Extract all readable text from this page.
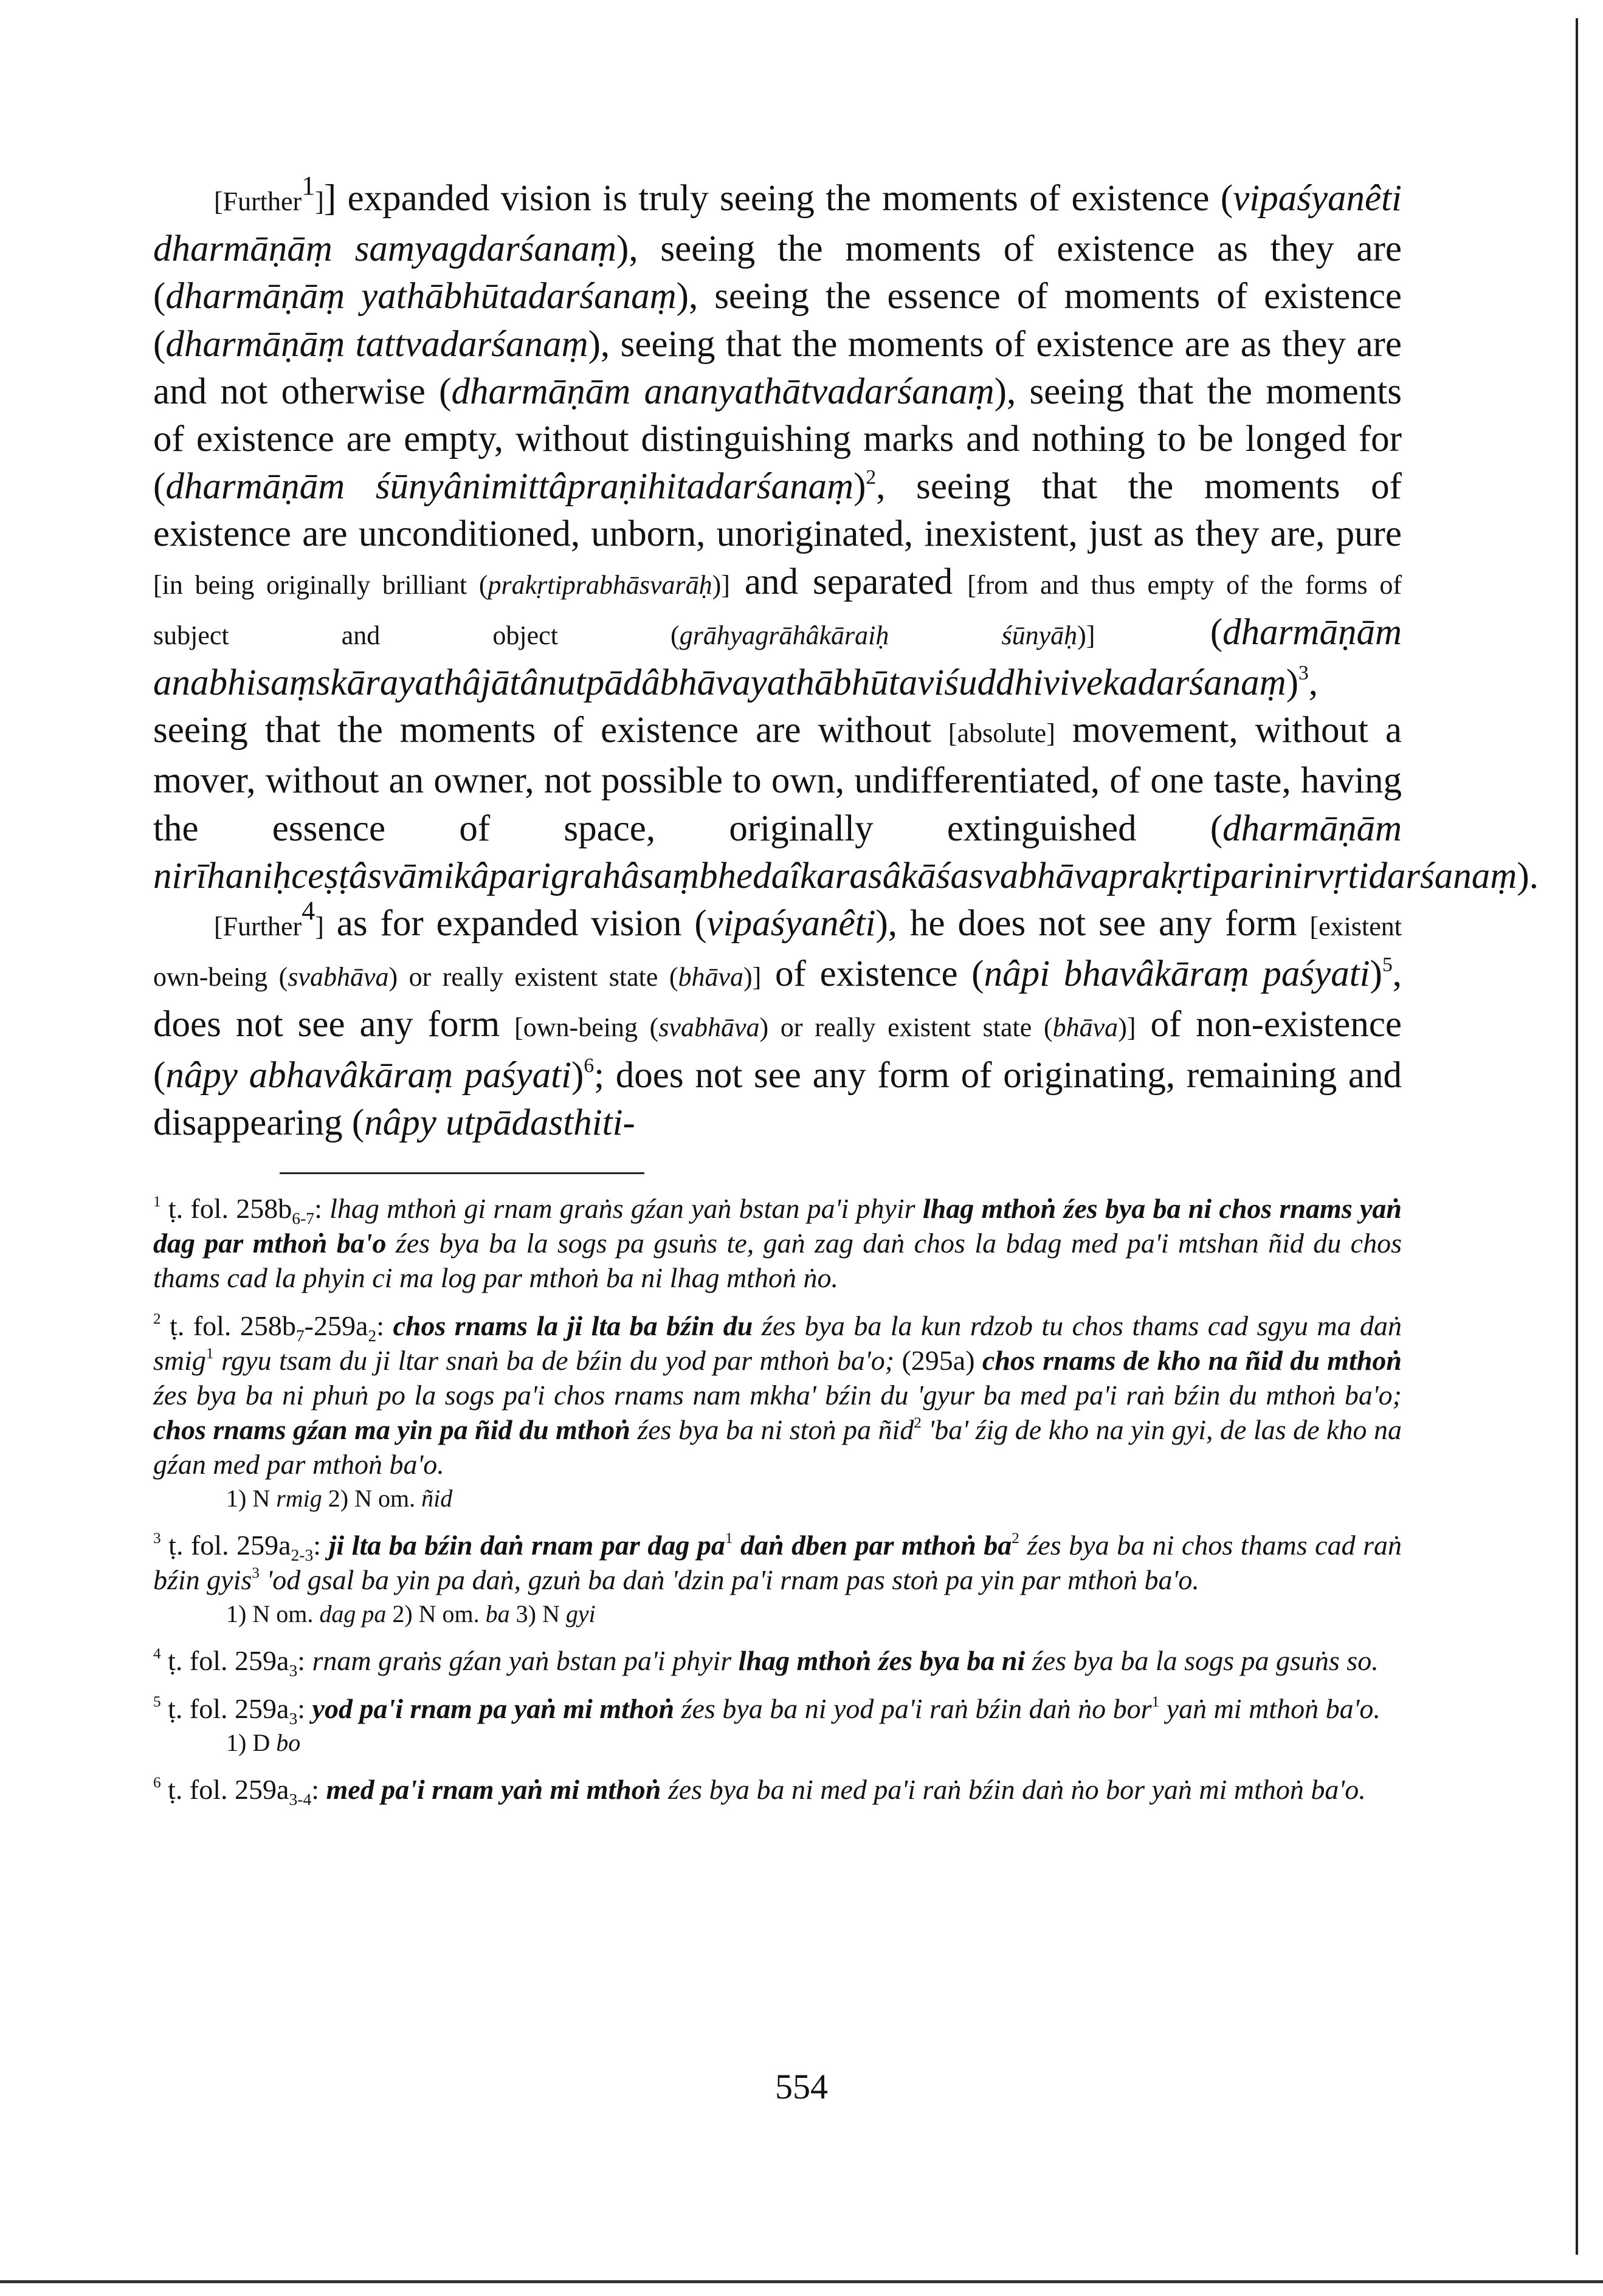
[Further$^1$]] expanded vision is truly seeing the moments of existence (vipaśyanêti dharmāṇāṃ samyagdarśanaṃ), seeing the moments of existence as they are (dharmāṇāṃ yathābhūtadarśanaṃ), seeing the essence of moments of existence (dharmāṇāṃ tattvadarśanaṃ), seeing that the moments of existence are as they are and not otherwise (dharmāṇām ananyathātvadarśanaṃ), seeing that the moments of existence are empty, without distinguishing marks and nothing to be longed for (dharmāṇām śūnyânimittâpraṇihitadarśanaṃ)$^2$, seeing that the moments of existence are unconditioned, unborn, unoriginated, inexistent, just as they are, pure [in being originally brilliant (prakṛtiprabhāsvarāḥ)] and separated [from and thus empty of the forms of subject and object (grāhyagrāhâkāraiḥ śūnyāḥ)] (dharmāṇām anabhisaṃskārayathâjātânutpādâbhāvayathābhūtaviśuddhivivekadarśanaṃ)$^3$, seeing that the moments of existence are without [absolute] movement, without a mover, without an owner, not possible to own, undifferentiated, of one taste, having the essence of space, originally extinguished (dharmāṇām nirīhaniḥceṣṭâsvāmikâparigrahâsaṃbhedaîkarasâkāśasvabhāvaprakṛtiparinirvṛtidarśanaṃ).

[Further$^4$] as for expanded vision (vipaśyanêti), he does not see any form [existent own-being (svabhāva) or really existent state (bhāva)] of existence (nâpi bhavâkāraṃ paśyati)$^5$, does not see any form [own-being (svabhāva) or really existent state (bhāva)] of non-existence (nâpy abhavâkāraṃ paśyati)$^6$; does not see any form of originating, remaining and disappearing (nâpy utpādasthiti-

$^1$ ṭ. fol. $258b_{6-7}$: lhag mthoṅ gi rnam graṅs gźan yaṅ bstan pa'i phyir lhag mthoṅ źes bya ba ni chos rnams yaṅ dag par mthoṅ ba'o źes bya ba la sogs pa gsuṅs te, gaṅ zag daṅ chos la bdag med pa'i mtshan ñid du chos thams cad la phyin ci ma log par mthoṅ ba ni lhag mthoṅ ṅo.
$^2$ ṭ. fol. $258b_7-259a_2$: chos rnams la ji lta ba bźin du źes bya ba la kun rdzob tu chos thams cad sgyu ma daṅ smig$^1$ rgyu tsam du ji ltar snaṅ ba de bźin du yod par mthoṅ ba'o; (295a) chos rnams de kho na ñid du mthoṅ źes bya ba ni phuṅ po la sogs pa'i chos rnams nam mkha' bźin du 'gyur ba med pa'i raṅ bźin du mthoṅ ba'o; chos rnams gźan ma yin pa ñid du mthoṅ źes bya ba ni stoṅ pa ñid$^2$ 'ba' źig de kho na yin gyi, de las de kho na gźan med par mthoṅ ba'o.
1) N rmig 2) N om. ñid
$^3$ ṭ. fol. $259a_{2-3}$: ji lta ba bźin daṅ rnam par dag $pa^1$ daṅ dben par mthoṅ $ba^2$ źes bya ba ni chos thams cad raṅ bźin gyis$^3$ 'od gsal ba yin pa daṅ, gzuṅ ba daṅ 'dzin pa'i rnam pas stoṅ pa yin par mthoṅ ba'o.
1) N om. dag pa 2) N om. ba 3) N gyi
$^4$ ṭ. fol. $259a_3$: rnam graṅs gźan yaṅ bstan pa'i phyir lhag mthoṅ źes bya ba ni źes bya ba la sogs pa gsuṅs so.
$^5$ ṭ. fol. $259a_3$: yod pa'i rnam pa yaṅ mi mthoṅ źes bya ba ni yod pa'i raṅ bźin daṅ ṅo bor$^1$ yaṅ mi mthoṅ ba'o.
1) D bo
$^6$ ṭ. fol. $259a_{3-4}$: med pa'i rnam yaṅ mi mthoṅ źes bya ba ni med pa'i raṅ bźin daṅ ṅo bor yaṅ mi mthoṅ ba'o.
554
